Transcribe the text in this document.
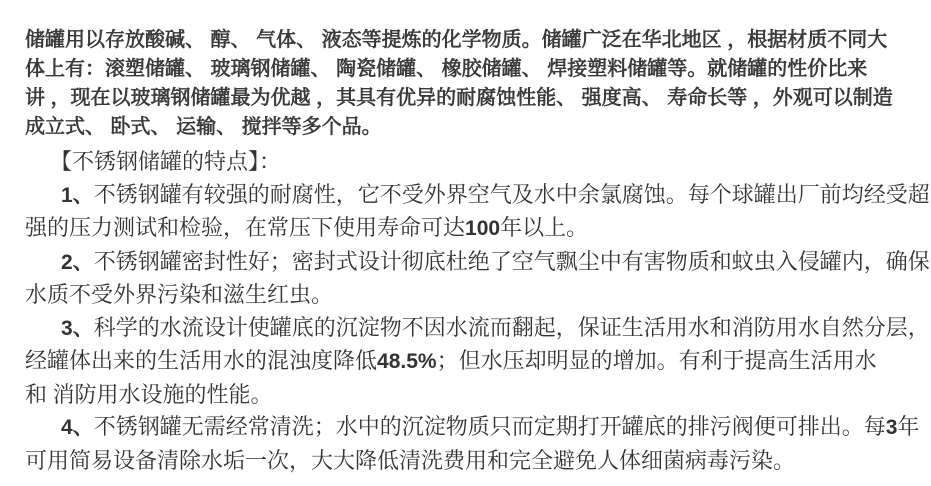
储罐用以存放酸碱、 醇、 气体、 液态等提炼的化学物质。储罐广泛在华北地区 ，根据材质不同大
体上有：滚塑储罐、 玻璃钢储罐、 陶瓷储罐、 橡胶储罐、 焊接塑料储罐等。就储罐的性价比来
讲 ，现在以玻璃钢储罐最为优越 ，其具有优异的耐腐蚀性能、 强度高、 寿命长等 ，外观可以制造
成立式、 卧式、 运输、 搅拌等多个品。
【不锈钢储罐的特点】：
1、不锈钢罐有较强的耐腐性，它不受外界空气及水中余氯腐蚀。每个球罐出厂前均经受超
强的压力测试和检验，在常压下使用寿命可达100年以上。
2、不锈钢罐密封性好；密封式设计彻底杜绝了空气飘尘中有害物质和蚊虫入侵罐内，确保
水质不受外界污染和滋生红虫。
3、科学的水流设计使罐底的沉淀物不因水流而翻起，保证生活用水和消防用水自然分层，
经罐体出来的生活用水的混浊度降低48.5%；但水压却明显的增加。有利于提高生活用水
和 消防用水设施的性能。
4、不锈钢罐无需经常清洗；水中的沉淀物质只而定期打开罐底的排污阀便可排出。每3年
可用简易设备清除水垢一次，大大降低清洗费用和完全避免人体细菌病毒污染。
